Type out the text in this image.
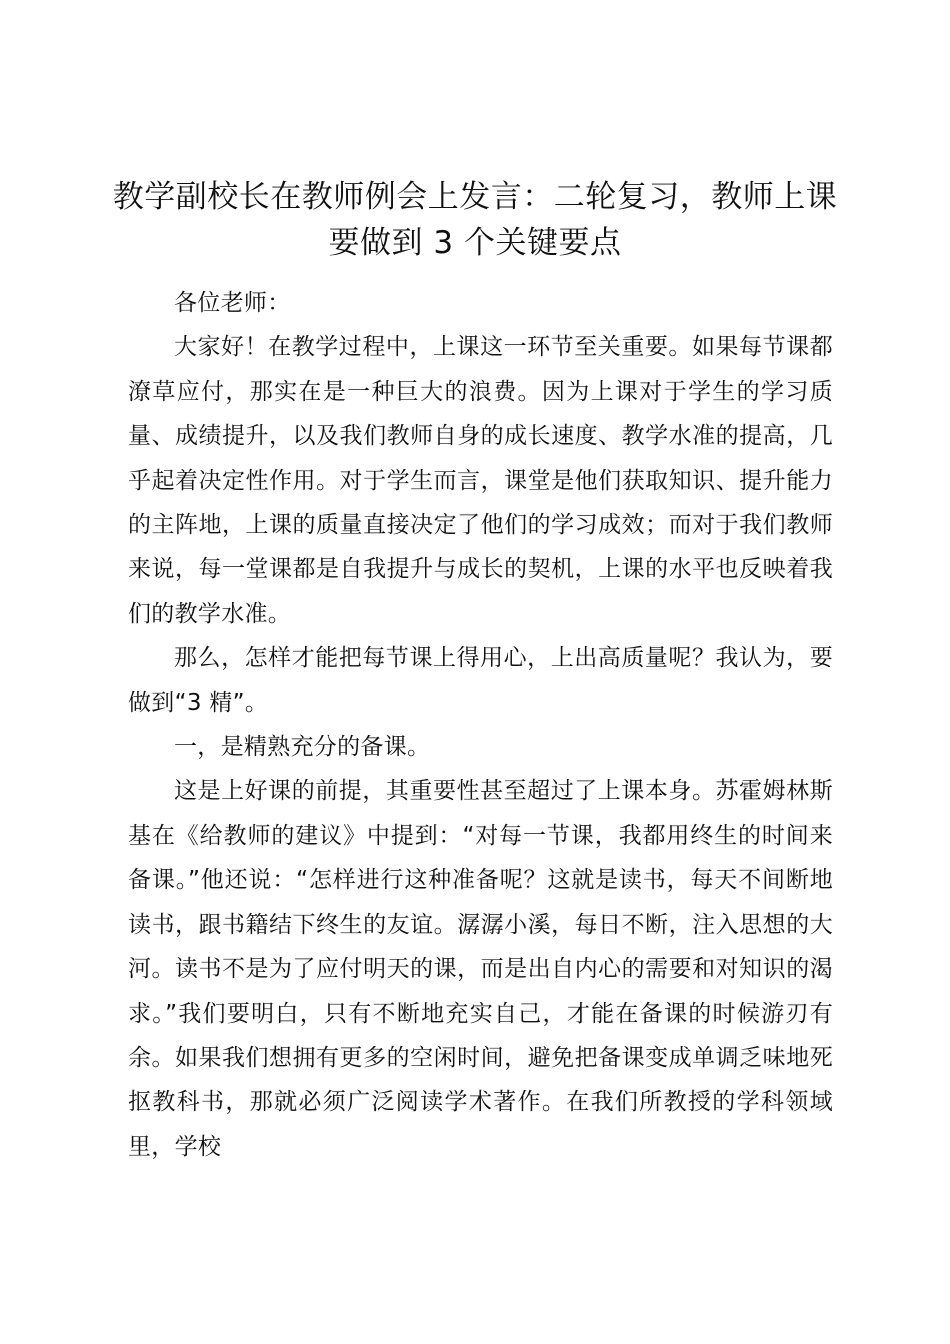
教学副校长在教师例会上发言：二轮复习，教师上课要做到 3 个关键要点

各位老师：

大家好！在教学过程中，上课这一环节至关重要。如果每节课都潦草应付，那实在是一种巨大的浪费。因为上课对于学生的学习质量、成绩提升，以及我们教师自身的成长速度、教学水准的提高，几乎起着决定性作用。对于学生而言，课堂是他们获取知识、提升能力的主阵地，上课的质量直接决定了他们的学习成效；而对于我们教师来说，每一堂课都是自我提升与成长的契机，上课的水平也反映着我们的教学水准。

那么，怎样才能把每节课上得用心，上出高质量呢？我认为，要做到“3 精”。

一，是精熟充分的备课。

这是上好课的前提，其重要性甚至超过了上课本身。苏霍姆林斯基在《给教师的建议》中提到：“对每一节课，我都用终生的时间来备课。”他还说：“怎样进行这种准备呢？这就是读书，每天不间断地读书，跟书籍结下终生的友谊。潺潺小溪，每日不断，注入思想的大河。读书不是为了应付明天的课，而是出自内心的需要和对知识的渴求。”我们要明白，只有不断地充实自己，才能在备课的时候游刃有余。如果我们想拥有更多的空闲时间，避免把备课变成单调乏味地死抠教科书，那就必须广泛阅读学术著作。在我们所教授的学科领域里，学校
